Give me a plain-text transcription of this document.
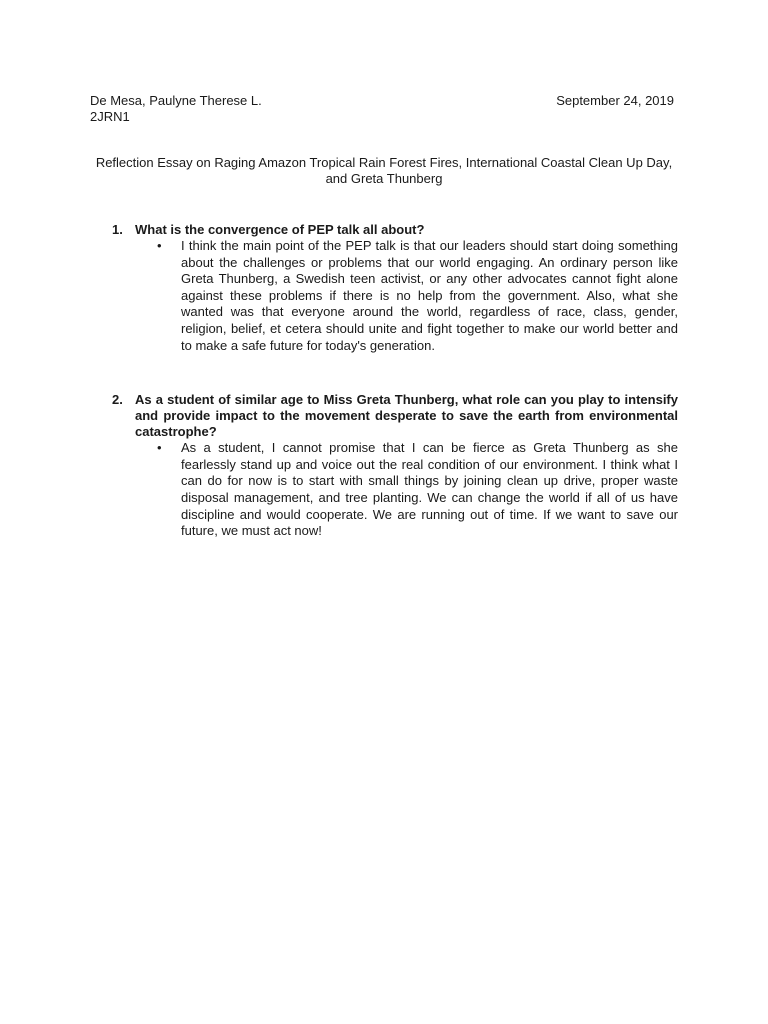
De Mesa, Paulyne Therese L.
2JRN1
September 24, 2019
Reflection Essay on Raging Amazon Tropical Rain Forest Fires, International Coastal Clean Up Day, and Greta Thunberg
1. What is the convergence of PEP talk all about?
•	I think the main point of the PEP talk is that our leaders should start doing something about the challenges or problems that our world engaging. An ordinary person like Greta Thunberg, a Swedish teen activist, or any other advocates cannot fight alone against these problems if there is no help from the government. Also, what she wanted was that everyone around the world, regardless of race, class, gender, religion, belief, et cetera should unite and fight together to make our world better and to make a safe future for today's generation.
2. As a student of similar age to Miss Greta Thunberg, what role can you play to intensify and provide impact to the movement desperate to save the earth from environmental catastrophe?
•	As a student, I cannot promise that I can be fierce as Greta Thunberg as she fearlessly stand up and voice out the real condition of our environment. I think what I can do for now is to start with small things by joining clean up drive, proper waste disposal management, and tree planting. We can change the world if all of us have discipline and would cooperate. We are running out of time. If we want to save our future, we must act now!
